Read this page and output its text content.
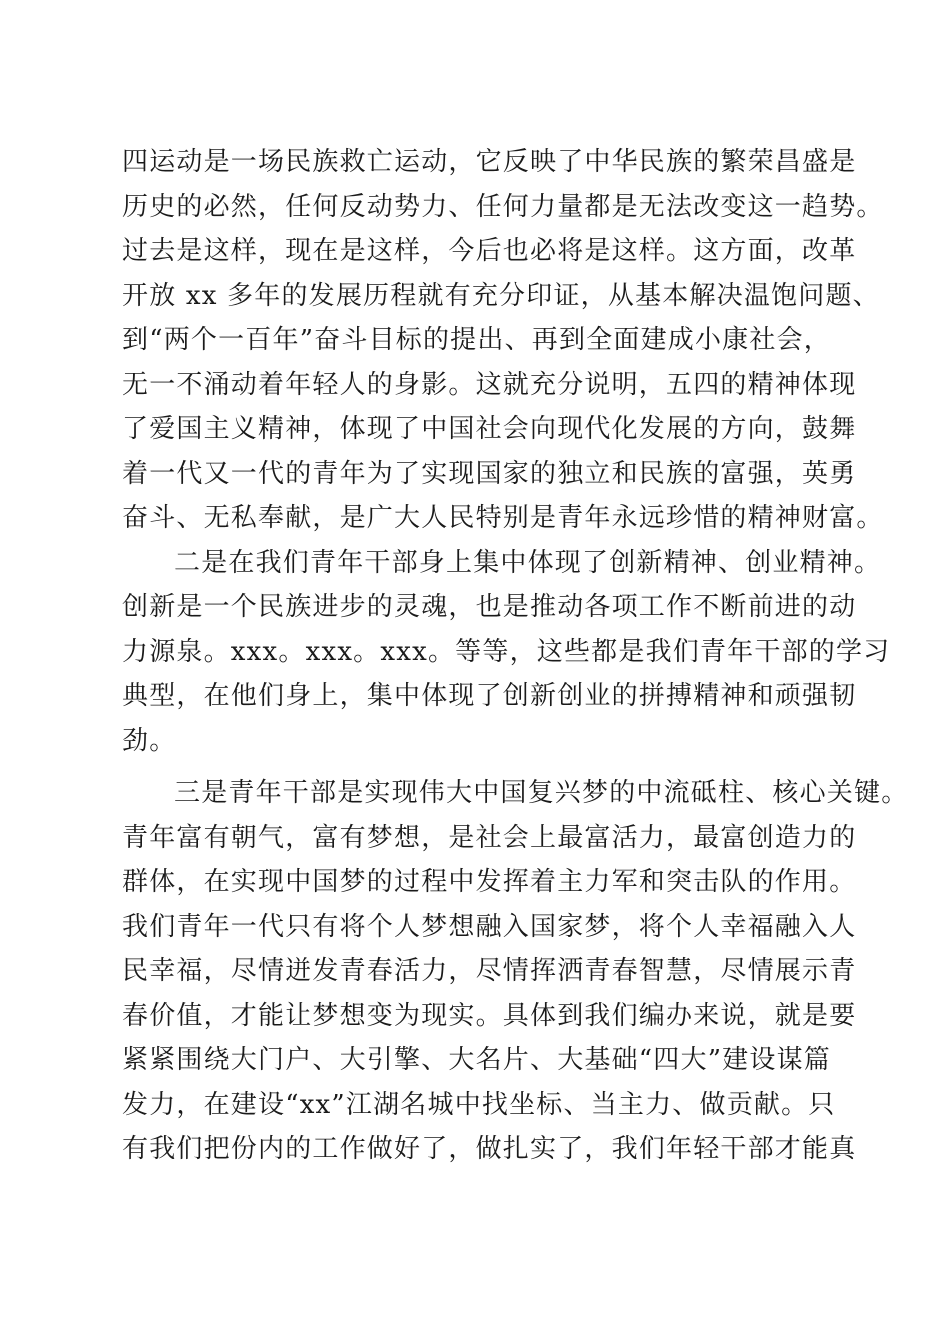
四运动是一场民族救亡运动，它反映了中华民族的繁荣昌盛是
历史的必然，任何反动势力、任何力量都是无法改变这一趋势。
过去是这样，现在是这样，今后也必将是这样。这方面，改革
开放 xx 多年的发展历程就有充分印证，从基本解决温饱问题、
到“两个一百年”奋斗目标的提出、再到全面建成小康社会，
无一不涌动着年轻人的身影。这就充分说明，五四的精神体现
了爱国主义精神，体现了中国社会向现代化发展的方向，鼓舞
着一代又一代的青年为了实现国家的独立和民族的富强，英勇
奋斗、无私奉献，是广大人民特别是青年永远珍惜的精神财富。
二是在我们青年干部身上集中体现了创新精神、创业精神。
创新是一个民族进步的灵魂，也是推动各项工作不断前进的动
力源泉。xxx。xxx。xxx。等等，这些都是我们青年干部的学习
典型，在他们身上，集中体现了创新创业的拼搏精神和顽强韧
劲。
三是青年干部是实现伟大中国复兴梦的中流砥柱、核心关键。
青年富有朝气，富有梦想，是社会上最富活力，最富创造力的
群体，在实现中国梦的过程中发挥着主力军和突击队的作用。
我们青年一代只有将个人梦想融入国家梦，将个人幸福融入人
民幸福，尽情迸发青春活力，尽情挥洒青春智慧，尽情展示青
春价值，才能让梦想变为现实。具体到我们编办来说，就是要
紧紧围绕大门户、大引擎、大名片、大基础“四大”建设谋篇
发力，在建设“xx”江湖名城中找坐标、当主力、做贡献。只
有我们把份内的工作做好了，做扎实了，我们年轻干部才能真
